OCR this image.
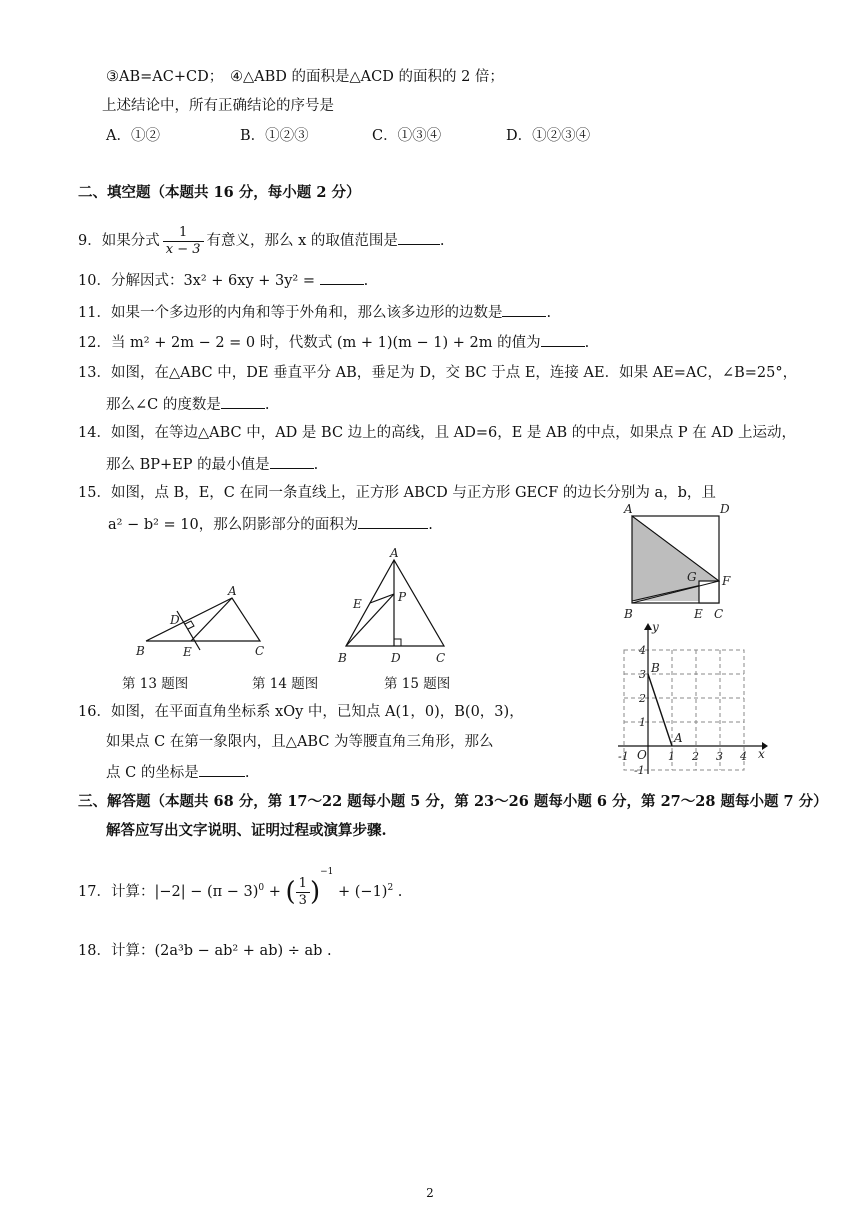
③AB=AC+CD； ④△ABD 的面积是△ACD 的面积的 2 倍；
上述结论中，所有正确结论的序号是
A．①②	B．①②③	C．①③④	D．①②③④
二、填空题（本题共 16 分，每小题 2 分）
9．如果分式 $\frac{1}{x - 3}$ 有意义，那么 x 的取值范围是	.
10．分解因式：3x² + 6xy + 3y² =	.
11．如果一个多边形的内角和等于外角和，那么该多边形的边数是	.
12．当 m² + 2m − 2 = 0 时，代数式 (m + 1)(m − 1) + 2m 的值为	.
13．如图，在△ABC 中，DE 垂直平分 AB，垂足为 D，交 BC 于点 E，连接 AE．如果 AE=AC，∠B=25°，
那么∠C 的度数是	.
14．如图，在等边△ABC 中，AD 是 BC 边上的高线，且 AD=6，E 是 AB 的中点，如果点 P 在 AD 上运动，
那么 BP+EP 的最小值是	.
15．如图，点 B，E，C 在同一条直线上，正方形 ABCD 与正方形 GECF 的边长分别为 a，b，且
a² − b² = 10，那么阴影部分的面积为	.
A
B	C
D
E
第 13 题图
A
B	C
D
E	P
第 14 题图	第 15 题图
A	D
B	E C
F
G
x
y
O
A
B
-1	1 2 3 4
4
3
2
1
-1
16．如图，在平面直角坐标系 xOy 中，已知点 A(1，0)，B(0，3)，
如果点 C 在第一象限内，且△ABC 为等腰直角三角形，那么
点 C 的坐标是	.
三、解答题（本题共 68 分，第 17～22 题每小题 5 分，第 23～26 题每小题 6 分，第 27～28 题每小题 7 分）
解答应写出文字说明、证明过程或演算步骤.
17．计算：$|-2| - (\pi - 3)^0$ + ( $\frac{1}{3} )^{-1} + (-1)^2$ .
18．计算：(2a³b − ab² + ab) ÷ ab .
2
